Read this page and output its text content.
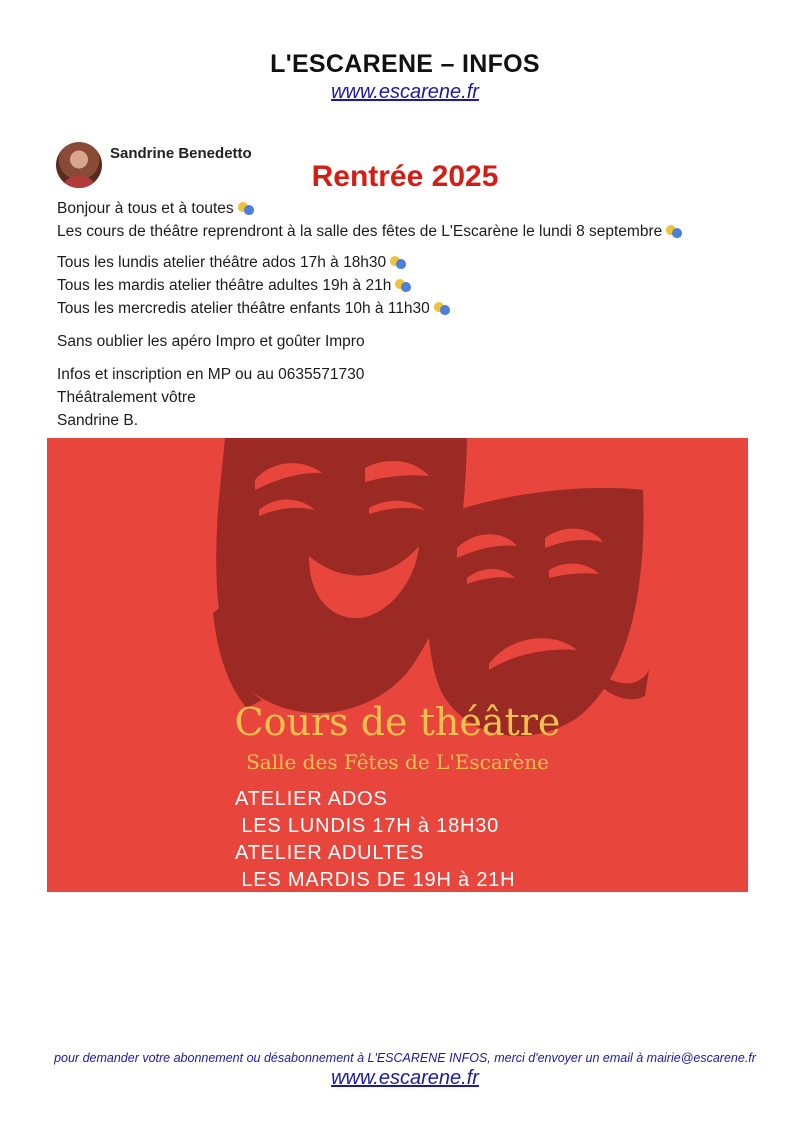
L'ESCARENE – INFOS
www.escarene.fr
Sandrine Benedetto
Rentrée 2025

Bonjour à tous et à toutes

Les cours de théâtre reprendront à la salle des fêtes de L'Escarène le lundi 8 septembre

Tous les lundis atelier théâtre ados 17h à 18h30

Tous les mardis atelier théâtre adultes 19h à 21h

Tous les mercredis atelier théâtre enfants 10h à 11h30

Sans oublier les apéro Impro et goûter Impro

Infos et inscription en MP ou au 0635571730

Théâtralement vôtre

Sandrine B.

Cours de théâtre
Salle des Fêtes de L'Escarène
ATELIER ADOS
LES LUNDIS 17H à 18H30
ATELIER ADULTES
LES MARDIS DE 19H à 21H
pour demander votre abonnement ou désabonnement à L'ESCARENE INFOS, merci d'envoyer un email à mairie@escarene.fr
www.escarene.fr
